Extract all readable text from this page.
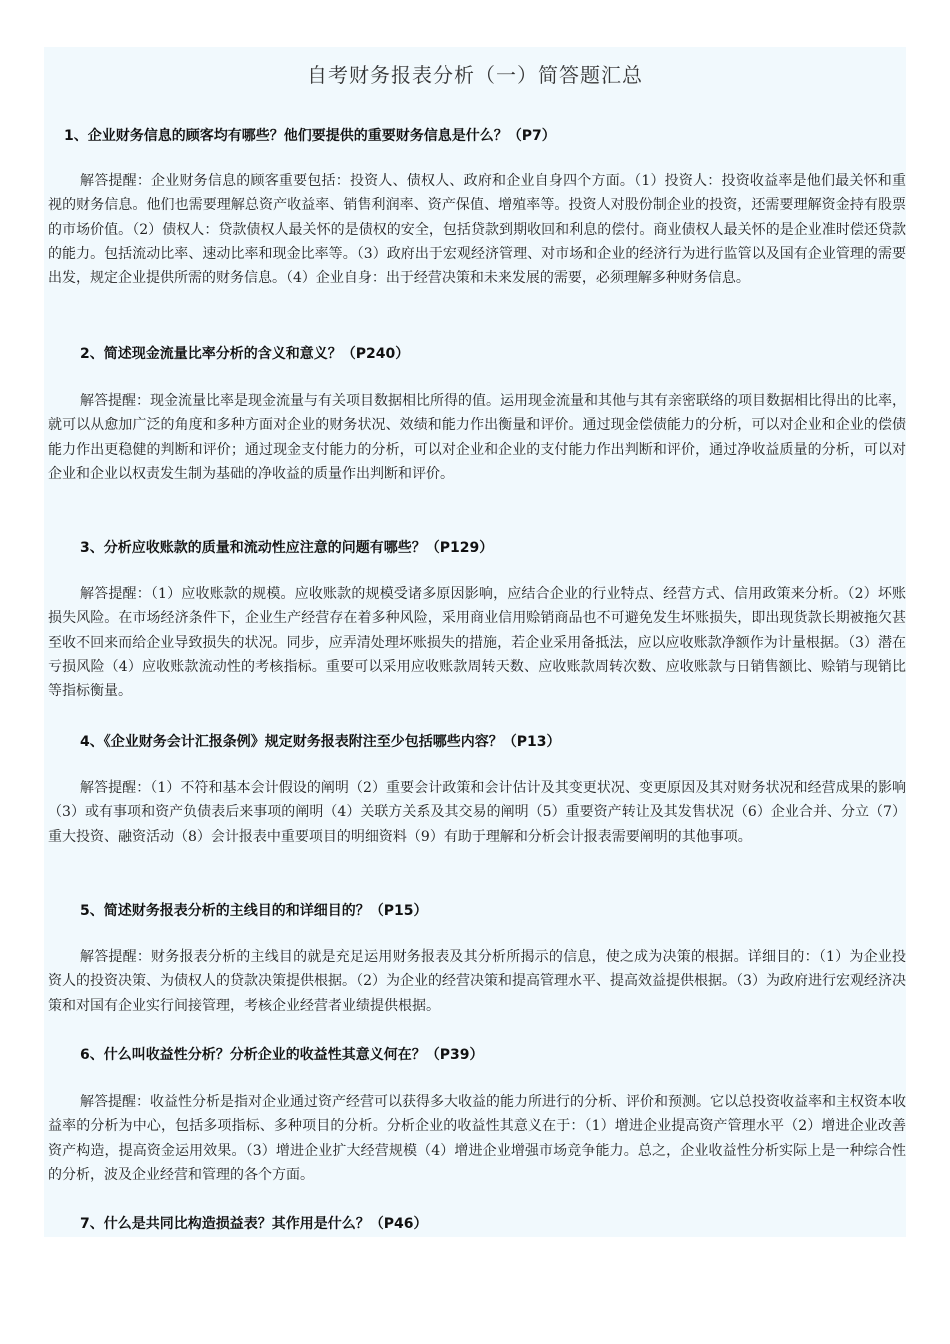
自考财务报表分析（一）简答题汇总
1、企业财务信息的顾客均有哪些？他们要提供的重要财务信息是什么？（P7）
解答提醒：企业财务信息的顾客重要包括：投资人、债权人、政府和企业自身四个方面。（1）投资人：投资收益率是他们最关怀和重视的财务信息。他们也需要理解总资产收益率、销售利润率、资产保值、增殖率等。投资人对股份制企业的投资，还需要理解资金持有股票的市场价值。（2）债权人：贷款债权人最关怀的是债权的安全，包括贷款到期收回和利息的偿付。商业债权人最关怀的是企业准时偿还贷款的能力。包括流动比率、速动比率和现金比率等。（3）政府出于宏观经济管理、对市场和企业的经济行为进行监管以及国有企业管理的需要出发，规定企业提供所需的财务信息。（4）企业自身：出于经营决策和未来发展的需要，必须理解多种财务信息。
2、简述现金流量比率分析的含义和意义？（P240）
解答提醒：现金流量比率是现金流量与有关项目数据相比所得的值。运用现金流量和其他与其有亲密联络的项目数据相比得出的比率，就可以从愈加广泛的角度和多种方面对企业的财务状况、效绩和能力作出衡量和评价。通过现金偿债能力的分析，可以对企业和企业的偿债能力作出更稳健的判断和评价；通过现金支付能力的分析，可以对企业和企业的支付能力作出判断和评价，通过净收益质量的分析，可以对企业和企业以权责发生制为基础的净收益的质量作出判断和评价。
3、分析应收账款的质量和流动性应注意的问题有哪些？（P129）
解答提醒：（1）应收账款的规模。应收账款的规模受诸多原因影响，应结合企业的行业特点、经营方式、信用政策来分析。（2）坏账损失风险。在市场经济条件下，企业生产经营存在着多种风险，采用商业信用赊销商品也不可避免发生坏账损失，即出现货款长期被拖欠甚至收不回来而给企业导致损失的状况。同步，应弄清处理坏账损失的措施，若企业采用备抵法，应以应收账款净额作为计量根据。（3）潜在亏损风险（4）应收账款流动性的考核指标。重要可以采用应收账款周转天数、应收账款周转次数、应收账款与日销售额比、赊销与现销比等指标衡量。
4、《企业财务会计汇报条例》规定财务报表附注至少包括哪些内容？（P13）
解答提醒：（1）不符和基本会计假设的阐明（2）重要会计政策和会计估计及其变更状况、变更原因及其对财务状况和经营成果的影响（3）或有事项和资产负债表后来事项的阐明（4）关联方关系及其交易的阐明（5）重要资产转让及其发售状况（6）企业合并、分立（7）重大投资、融资活动（8）会计报表中重要项目的明细资料（9）有助于理解和分析会计报表需要阐明的其他事项。
5、简述财务报表分析的主线目的和详细目的？（P15）
解答提醒：财务报表分析的主线目的就是充足运用财务报表及其分析所揭示的信息，使之成为决策的根据。详细目的：（1）为企业投资人的投资决策、为债权人的贷款决策提供根据。（2）为企业的经营决策和提高管理水平、提高效益提供根据。（3）为政府进行宏观经济决策和对国有企业实行间接管理，考核企业经营者业绩提供根据。
6、什么叫收益性分析？分析企业的收益性其意义何在？（P39）
解答提醒：收益性分析是指对企业通过资产经营可以获得多大收益的能力所进行的分析、评价和预测。它以总投资收益率和主权资本收益率的分析为中心，包括多项指标、多种项目的分析。分析企业的收益性其意义在于：（1）增进企业提高资产管理水平（2）增进企业改善资产构造，提高资金运用效果。（3）增进企业扩大经营规模（4）增进企业增强市场竞争能力。总之，企业收益性分析实际上是一种综合性的分析，波及企业经营和管理的各个方面。
7、什么是共同比构造损益表？其作用是什么？（P46）
